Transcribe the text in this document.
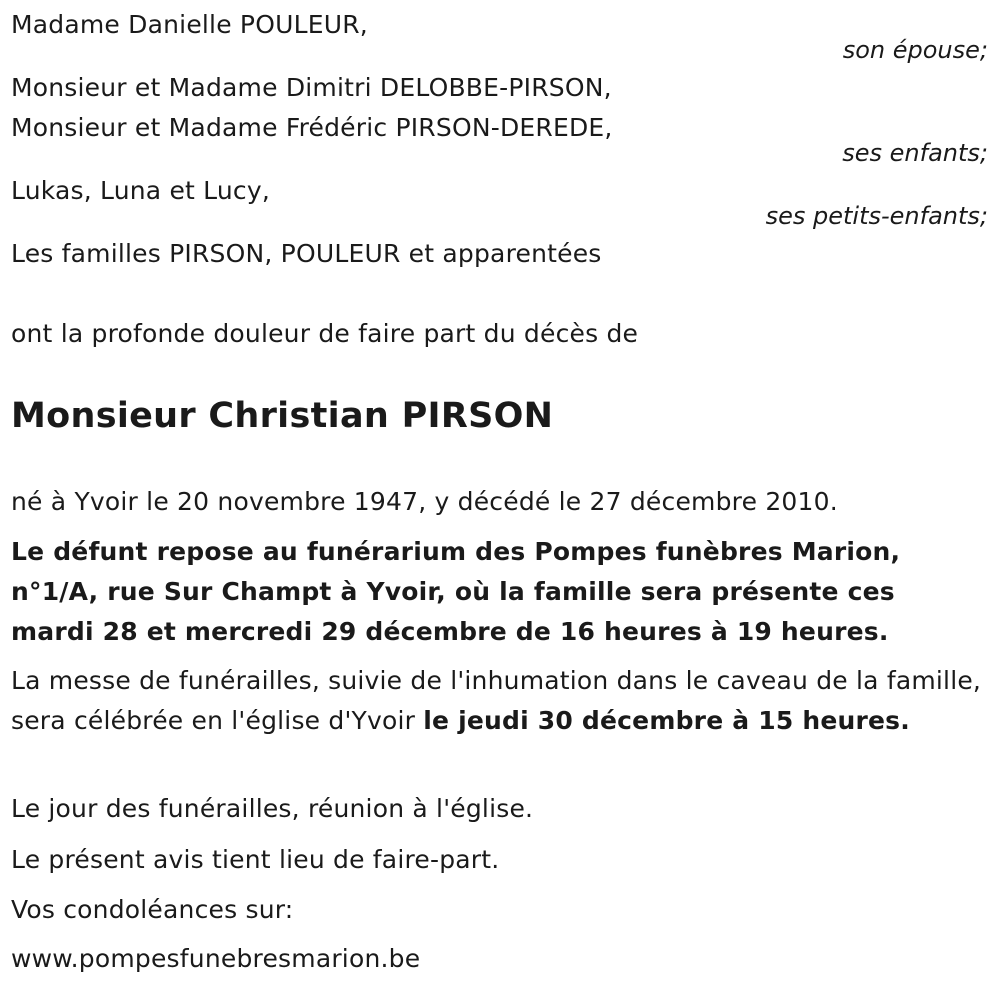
Madame Danielle POULEUR,
son épouse;
Monsieur et Madame Dimitri DELOBBE-PIRSON,
Monsieur et Madame Frédéric PIRSON-DEREDE,
ses enfants;
Lukas, Luna et Lucy,
ses petits-enfants;
Les familles PIRSON, POULEUR et apparentées
ont la profonde douleur de faire part du décès de
Monsieur Christian PIRSON
né à Yvoir le 20 novembre 1947, y décédé le 27 décembre 2010.
Le défunt repose au funérarium des Pompes funèbres Marion, n°1/A, rue Sur Champt à Yvoir, où la famille sera présente ces mardi 28 et mercredi 29 décembre de 16 heures à 19 heures.
La messe de funérailles, suivie de l'inhumation dans le caveau de la famille, sera célébrée en l'église d'Yvoir le jeudi 30 décembre à 15 heures.
Le jour des funérailles, réunion à l'église.
Le présent avis tient lieu de faire-part.
Vos condoléances sur:
www.pompesfunebresmarion.be
